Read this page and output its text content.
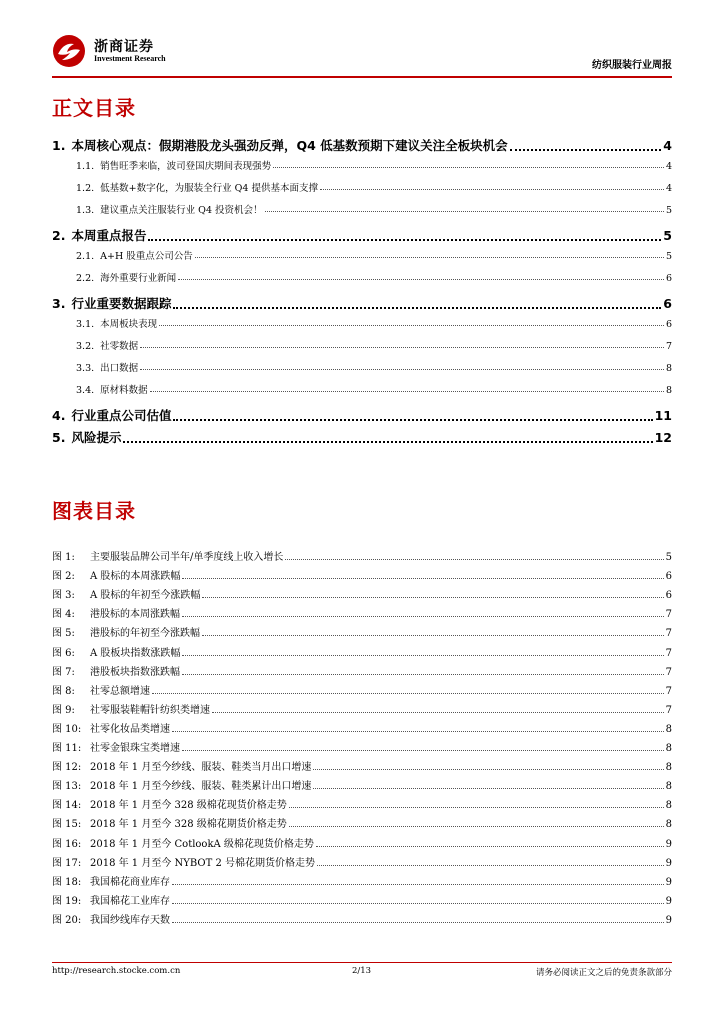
浙商证券
Investment Research
纺织服装行业周报
正文目录
1. 本周核心观点：假期港股龙头强劲反弹，Q4 低基数预期下建议关注全板块机会	4
1.1. 销售旺季来临，波司登国庆期间表现强势	4
1.2. 低基数+数字化，为服装全行业 Q4 提供基本面支撑	4
1.3. 建议重点关注服装行业 Q4 投资机会！	5
2. 本周重点报告	5
2.1. A+H 股重点公司公告	5
2.2. 海外重要行业新闻	6
3. 行业重要数据跟踪	6
3.1. 本周板块表现	6
3.2. 社零数据	7
3.3. 出口数据	8
3.4. 原材料数据	8
4. 行业重点公司估值	11
5. 风险提示	12
图表目录
图 1:	主要服装品牌公司半年/单季度线上收入增长	5
图 2:	A 股标的本周涨跌幅	6
图 3:	A 股标的年初至今涨跌幅	6
图 4:	港股标的本周涨跌幅	7
图 5:	港股标的年初至今涨跌幅	7
图 6:	A 股板块指数涨跌幅	7
图 7:	港股板块指数涨跌幅	7
图 8:	社零总额增速	7
图 9:	社零服装鞋帽针纺织类增速	7
图 10: 社零化妆品类增速	8
图 11: 社零金银珠宝类增速	8
图 12: 2018 年 1 月至今纱线、服装、鞋类当月出口增速	8
图 13: 2018 年 1 月至今纱线、服装、鞋类累计出口增速	8
图 14: 2018 年 1 月至今 328 级棉花现货价格走势	8
图 15: 2018 年 1 月至今 328 级棉花期货价格走势	8
图 16: 2018 年 1 月至今 CotlookA 级棉花现货价格走势	9
图 17: 2018 年 1 月至今 NYBOT 2 号棉花期货价格走势	9
图 18: 我国棉花商业库存	9
图 19: 我国棉花工业库存	9
图 20: 我国纱线库存天数	9
http://research.stocke.com.cn	2/13	请务必阅读正文之后的免责条款部分
